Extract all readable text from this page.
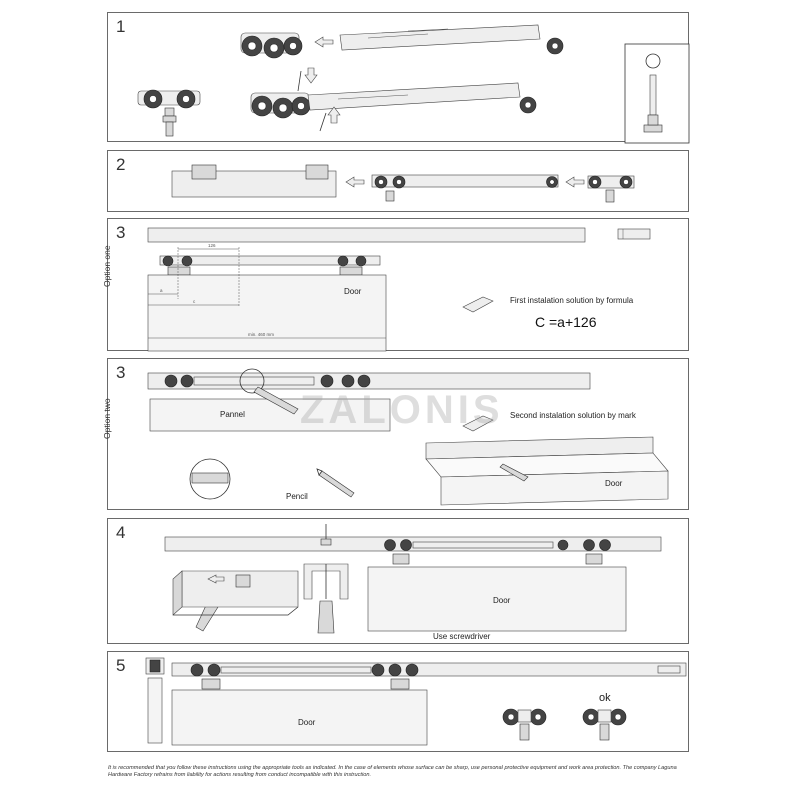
1
2
3
Option one	126
a
c
min. 460 mm
Door
First instalation solution by formula
C =a+126
3
Option two	Pannel	Second instalation solution by mark
Pencil
Door
ZALONIS
4
Door
Use screwdriver
5
Door
ok
It is recommended that you follow these instructions using the appropriate tools as indicated. In the case of elements whose surface can be sharp, use personal protective equipment and work area protection. The company Laguna Hardware Factory refrains from liability for actions resulting from conduct incompatible with this instruction.
